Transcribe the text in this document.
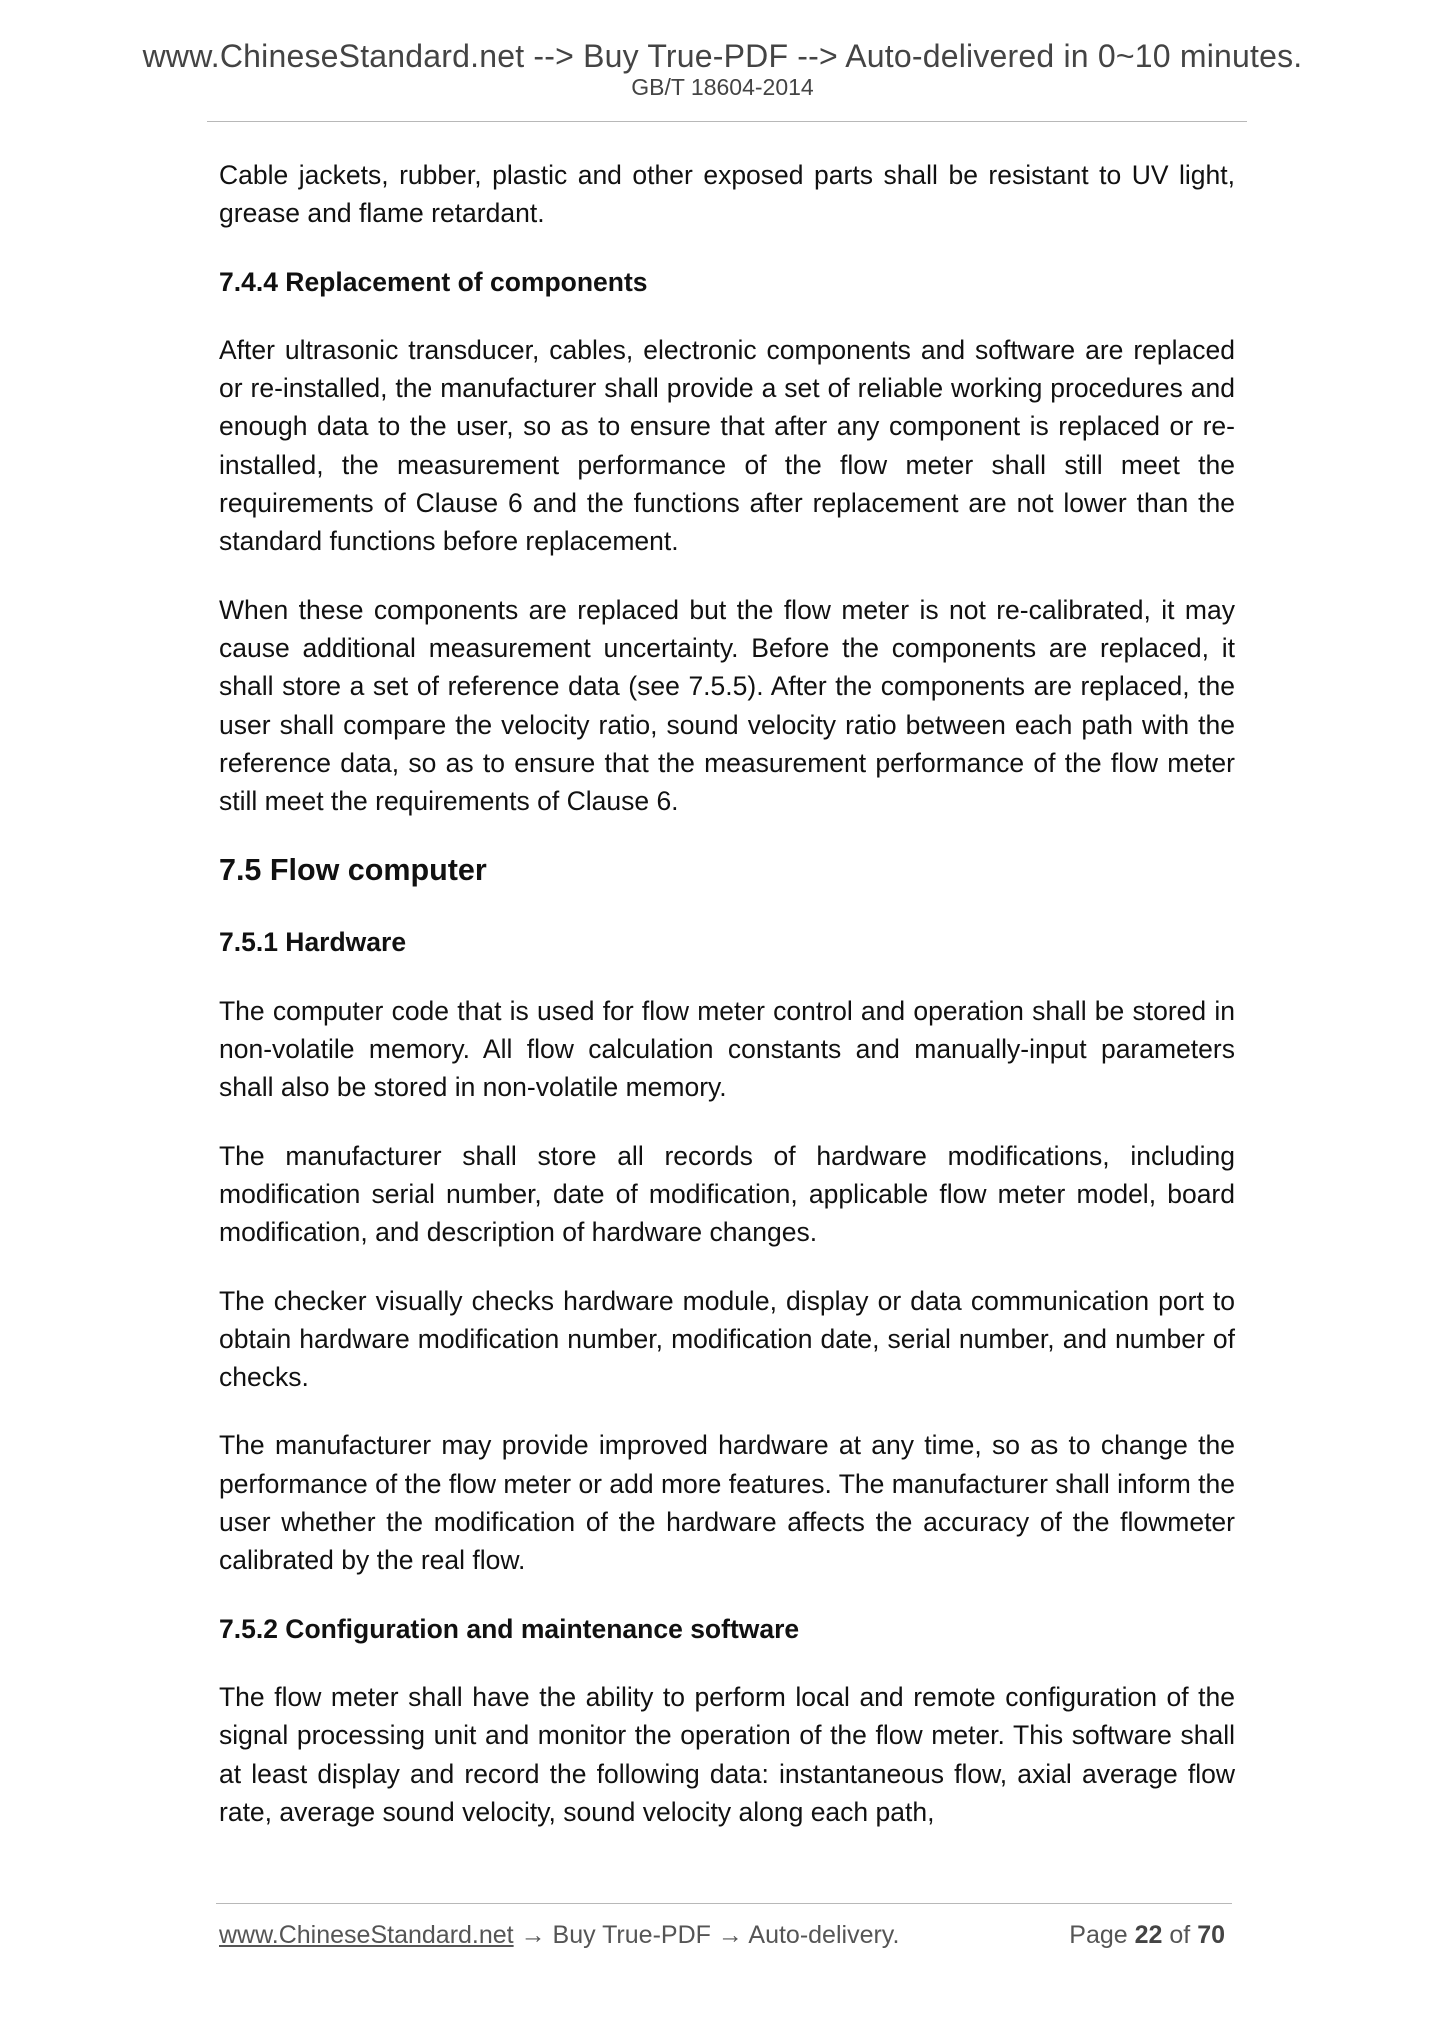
www.ChineseStandard.net --> Buy True-PDF --> Auto-delivered in 0~10 minutes.
GB/T 18604-2014

Cable jackets, rubber, plastic and other exposed parts shall be resistant to UV light, grease and flame retardant.

7.4.4 Replacement of components

After ultrasonic transducer, cables, electronic components and software are replaced or re-installed, the manufacturer shall provide a set of reliable working procedures and enough data to the user, so as to ensure that after any component is replaced or re-installed, the measurement performance of the flow meter shall still meet the requirements of Clause 6 and the functions after replacement are not lower than the standard functions before replacement.

When these components are replaced but the flow meter is not re-calibrated, it may cause additional measurement uncertainty. Before the components are replaced, it shall store a set of reference data (see 7.5.5). After the components are replaced, the user shall compare the velocity ratio, sound velocity ratio between each path with the reference data, so as to ensure that the measurement performance of the flow meter still meet the requirements of Clause 6.

7.5 Flow computer
7.5.1 Hardware

The computer code that is used for flow meter control and operation shall be stored in non-volatile memory. All flow calculation constants and manually-input parameters shall also be stored in non-volatile memory.

The manufacturer shall store all records of hardware modifications, including modification serial number, date of modification, applicable flow meter model, board modification, and description of hardware changes.

The checker visually checks hardware module, display or data communication port to obtain hardware modification number, modification date, serial number, and number of checks.

The manufacturer may provide improved hardware at any time, so as to change the performance of the flow meter or add more features. The manufacturer shall inform the user whether the modification of the hardware affects the accuracy of the flowmeter calibrated by the real flow.

7.5.2 Configuration and maintenance software

The flow meter shall have the ability to perform local and remote configuration of the signal processing unit and monitor the operation of the flow meter. This software shall at least display and record the following data: instantaneous flow, axial average flow rate, average sound velocity, sound velocity along each path,

www.ChineseStandard.net → Buy True-PDF → Auto-delivery.	Page 22 of 70
